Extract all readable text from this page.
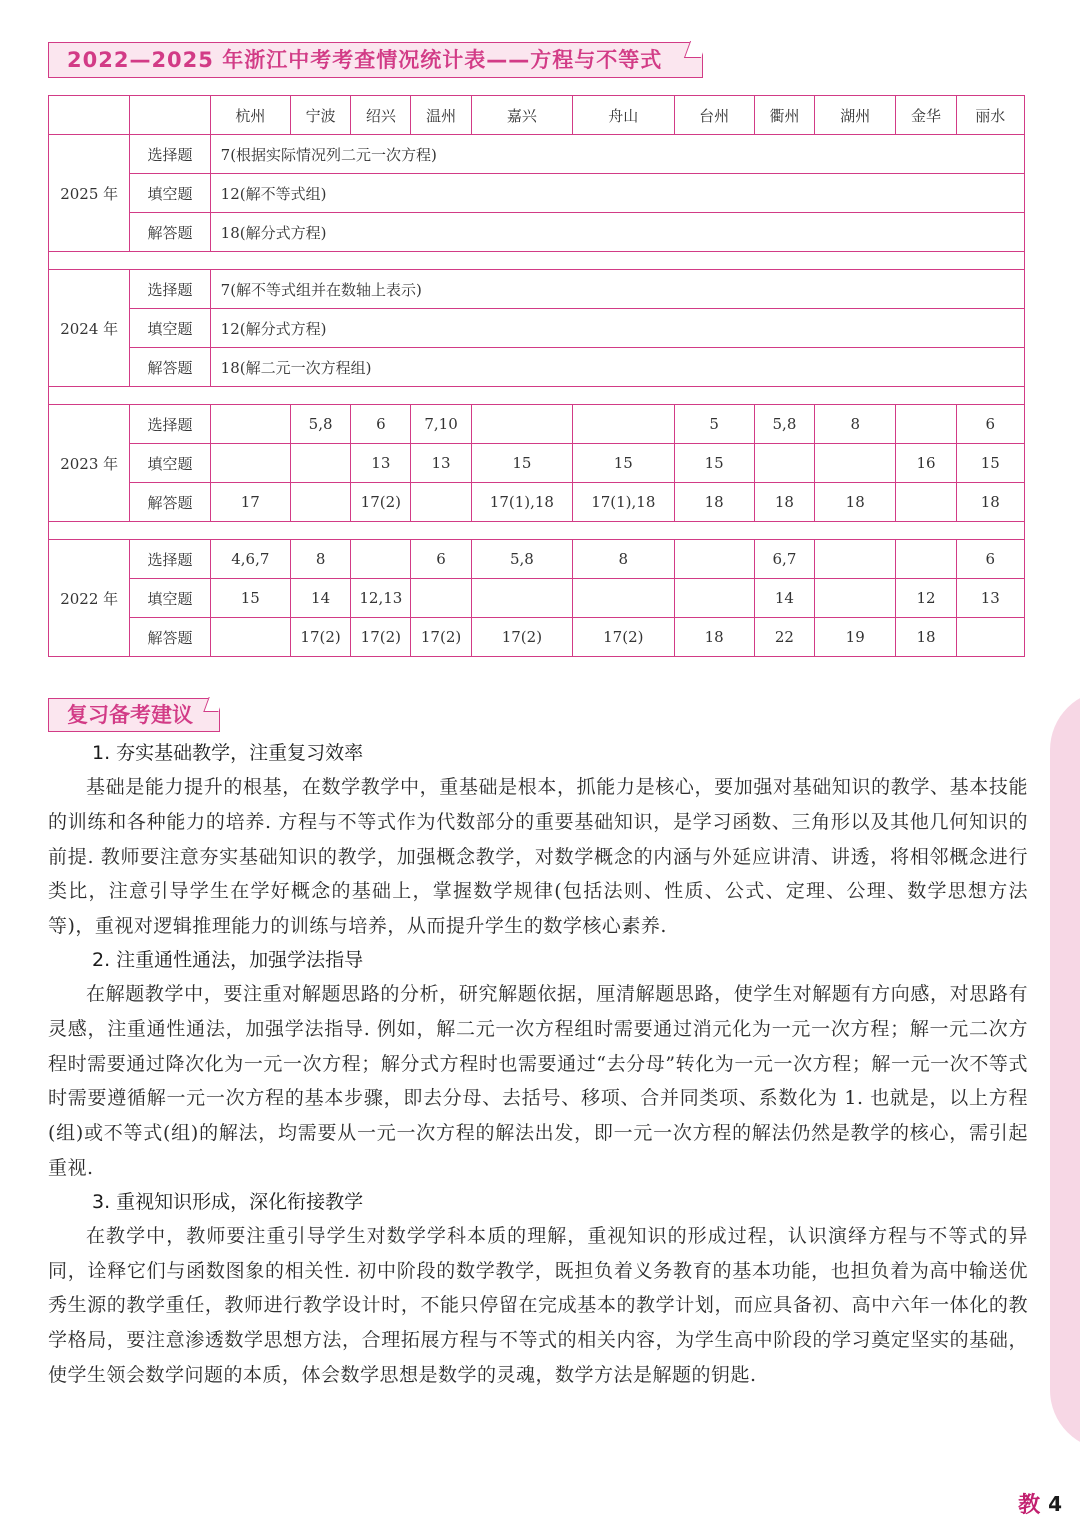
2022—2025 年浙江中考考查情况统计表——方程与不等式
		杭州	宁波	绍兴	温州	嘉兴	舟山	台州	衢州	湖州	金华	丽水
2025 年	选择题	7(根据实际情况列二元一次方程)										
	填空题	12(解不等式组)										
	解答题	18(解分式方程)										

2024 年	选择题	7(解不等式组并在数轴上表示)										
	填空题	12(解分式方程)										
	解答题	18(解二元一次方程组)										

2023 年	选择题		5,8	6	7,10			5	5,8	8		6
	填空题			13	13	15	15	15			16	15
	解答题	17		17(2)		17(1),18	17(1),18	18	18	18		18

2022 年	选择题	4,6,7	8		6	5,8	8		6,7			6
	填空题	15	14	12,13					14		12	13
	解答题		17(2)	17(2)	17(2)	17(2)	17(2)	18	22	19	18	
复习备考建议
1. 夯实基础教学，注重复习效率

基础是能力提升的根基，在数学教学中，重基础是根本，抓能力是核心，要加强对基础知识的教学、基本技能的训练和各种能力的培养. 方程与不等式作为代数部分的重要基础知识，是学习函数、三角形以及其他几何知识的前提. 教师要注意夯实基础知识的教学，加强概念教学，对数学概念的内涵与外延应讲清、讲透，将相邻概念进行类比，注意引导学生在学好概念的基础上，掌握数学规律(包括法则、性质、公式、定理、公理、数学思想方法等)，重视对逻辑推理能力的训练与培养，从而提升学生的数学核心素养.

2. 注重通性通法，加强学法指导

在解题教学中，要注重对解题思路的分析，研究解题依据，厘清解题思路，使学生对解题有方向感，对思路有灵感，注重通性通法，加强学法指导. 例如，解二元一次方程组时需要通过消元化为一元一次方程；解一元二次方程时需要通过降次化为一元一次方程；解分式方程时也需要通过“去分母”转化为一元一次方程；解一元一次不等式时需要遵循解一元一次方程的基本步骤，即去分母、去括号、移项、合并同类项、系数化为 1. 也就是，以上方程(组)或不等式(组)的解法，均需要从一元一次方程的解法出发，即一元一次方程的解法仍然是教学的核心，需引起重视.

3. 重视知识形成，深化衔接教学

在教学中，教师要注重引导学生对数学学科本质的理解，重视知识的形成过程，认识演绎方程与不等式的异同，诠释它们与函数图象的相关性. 初中阶段的数学教学，既担负着义务教育的基本功能，也担负着为高中输送优秀生源的教学重任，教师进行教学设计时，不能只停留在完成基本的教学计划，而应具备初、高中六年一体化的教学格局，要注意渗透数学思想方法，合理拓展方程与不等式的相关内容，为学生高中阶段的学习奠定坚实的基础，使学生领会数学问题的本质，体会数学思想是数学的灵魂，数学方法是解题的钥匙.

教 4
